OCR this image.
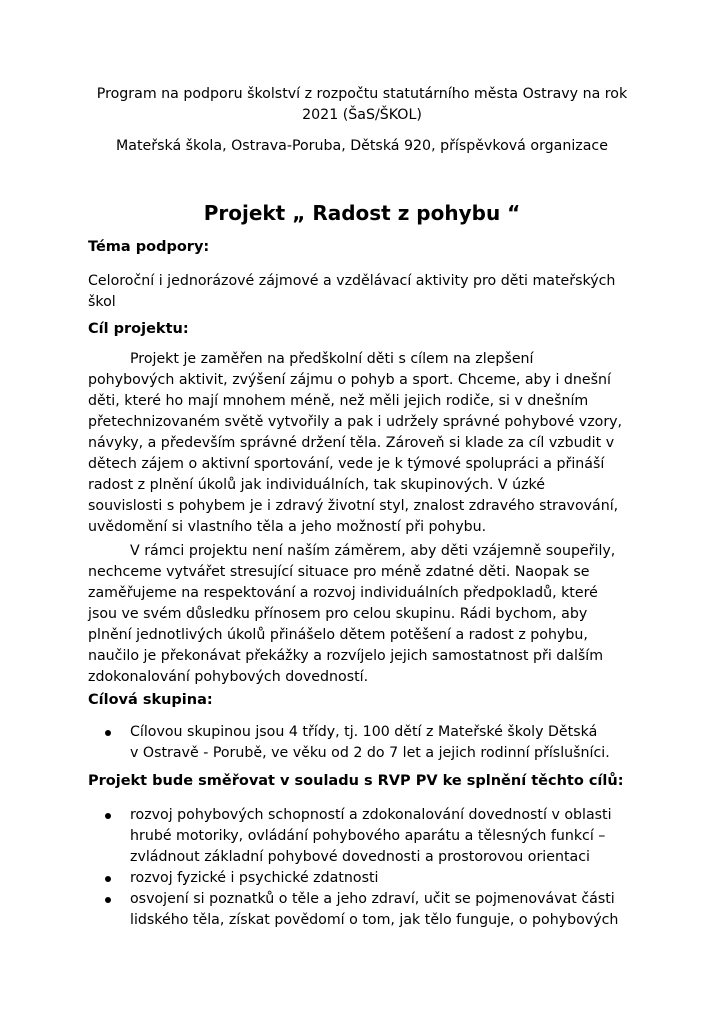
Program na podporu školství z rozpočtu statutárního města Ostravy na rok
2021 (ŠaS/ŠKOL)
Mateřská škola, Ostrava-Poruba, Dětská 920, příspěvková organizace
Projekt „ Radost z pohybu “
Téma podpory:
Celoroční i jednorázové zájmové a vzdělávací aktivity pro děti mateřských
škol
Cíl projektu:
Projekt je zaměřen na předškolní děti s cílem na zlepšení
pohybových aktivit, zvýšení zájmu o pohyb a sport. Chceme, aby i dnešní
děti, které ho mají mnohem méně, než měli jejich rodiče, si v dnešním
přetechnizovaném světě vytvořily a pak i udržely správné pohybové vzory,
návyky, a především správné držení těla. Zároveň si klade za cíl vzbudit v
dětech zájem o aktivní sportování, vede je k týmové spolupráci a přináší
radost z plnění úkolů jak individuálních, tak skupinových. V úzké
souvislosti s pohybem je i zdravý životní styl, znalost zdravého stravování,
uvědomění si vlastního těla a jeho možností při pohybu.
V rámci projektu není naším záměrem, aby děti vzájemně soupeřily,
nechceme vytvářet stresující situace pro méně zdatné děti. Naopak se
zaměřujeme na respektování a rozvoj individuálních předpokladů, které
jsou ve svém důsledku přínosem pro celou skupinu. Rádi bychom, aby
plnění jednotlivých úkolů přinášelo dětem potěšení a radost z pohybu,
naučilo je překonávat překážky a rozvíjelo jejich samostatnost při dalším
zdokonalování pohybových dovedností.
Cílová skupina:
Cílovou skupinou jsou 4 třídy, tj. 100 dětí z Mateřské školy Dětská
v Ostravě - Porubě, ve věku od 2 do 7 let a jejich rodinní příslušníci.
Projekt bude směřovat v souladu s RVP PV ke splnění těchto cílů:
rozvoj pohybových schopností a zdokonalování dovedností v oblasti
hrubé motoriky, ovládání pohybového aparátu a tělesných funkcí –
zvládnout základní pohybové dovednosti a prostorovou orientaci
rozvoj fyzické i psychické zdatnosti
osvojení si poznatků o těle a jeho zdraví, učit se pojmenovávat části
lidského těla, získat povědomí o tom, jak tělo funguje, o pohybových
